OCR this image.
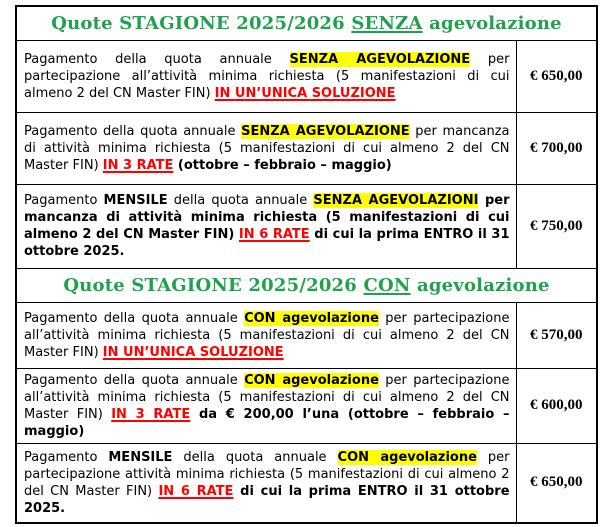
Quote STAGIONE 2025/2026 SENZA agevolazione	
Pagamento della quota annuale SENZA AGEVOLAZIONE per partecipazione all’attività minima richiesta (5 manifestazioni di cui almeno 2 del CN Master FIN) IN UN’UNICA SOLUZIONE	€ 650,00
Pagamento della quota annuale SENZA AGEVOLAZIONE per mancanza di attività minima richiesta (5 manifestazioni di cui almeno 2 del CN Master FIN) IN 3 RATE (ottobre – febbraio – maggio)	€ 700,00
Pagamento MENSILE della quota annuale SENZA AGEVOLAZIONI per mancanza di attività minima richiesta (5 manifestazioni di cui almeno 2 del CN Master FIN) IN 6 RATE di cui la prima ENTRO il 31 ottobre 2025.	€ 750,00
Quote STAGIONE 2025/2026 CON agevolazione	
Pagamento della quota annuale CON agevolazione per partecipazione all’attività minima richiesta (5 manifestazioni di cui almeno 2 del CN Master FIN) IN UN’UNICA SOLUZIONE	€ 570,00
Pagamento della quota annuale CON agevolazione per partecipazione all’attività minima richiesta (5 manifestazioni di cui almeno 2 del CN Master FIN) IN 3 RATE da € 200,00 l’una (ottobre – febbraio – maggio)	€ 600,00
Pagamento MENSILE della quota annuale CON agevolazione per partecipazione attività minima richiesta (5 manifestazioni di cui almeno 2 del CN Master FIN) IN 6 RATE di cui la prima ENTRO il 31 ottobre 2025.	€ 650,00
